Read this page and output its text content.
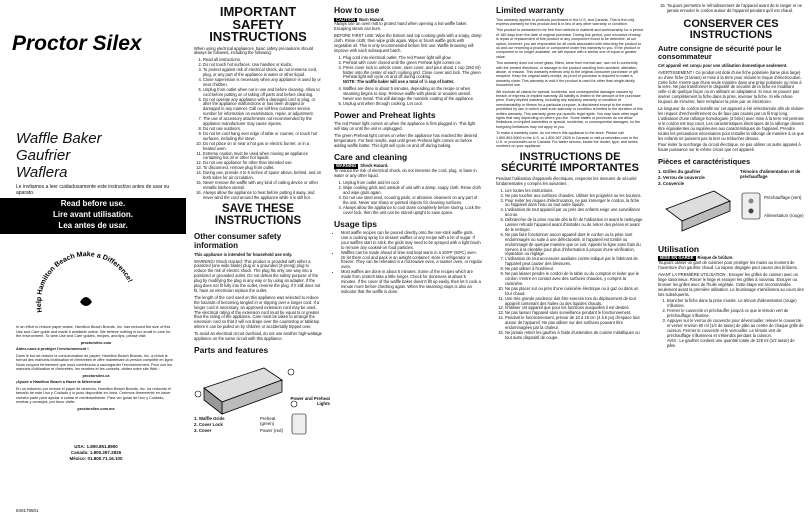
Proctor Silex
Waffle Baker
Gaufrier
Waflera
Le invitamos a leer cuidadosamente este instructivo antes de usar su aparato.
Read before use.
Lire avant utilisation.
Lea antes de usar.
Help Hamilton Beach Make a Difference!

In an effort to reduce paper waste, Hamilton Beach Brands, Inc. has reduced the size of this Use and Care guide and made it available online. We believe nothing is too small to care for the environment. To view Use and Care guides, recipes, and tips, please visit:

proctorsilex.com

Aidez-nous à protéger l'environnement !

Dans le but de réduire la consommation de papier, Hamilton Beach Brands, Inc. a réduit le format des manuels d'utilisation et d'entretien et offre maintenant la version complète en ligne. Nous croyons fermement que nous contribuons à sauvegarder l'environnement. Pour voir les manuels d'utilisation et d'entretien, les recettes et les conseils, visitez notre site Web :

proctorsilex.ca

¡Ayude a Hamilton Beach a Hacer la Diferencia!

En un esfuerzo por reducir el papel de desecho, Hamilton Beach Brands, Inc. ha reducido el tamaño de este Uso y Cuidado y lo puso disponible en línea. Creemos firmemente en hacer nuestra parte para ayudar a cuidar el medioambiente. Para ver guías de Uso y Cuidado, recetas y consejos, por favor visite:

proctorsilex.com.mx

USA: 1.800.851.8900
Canada: 1.800.267.2826
México: 01.800.71.16.100
840178501
IMPORTANT SAFETY INSTRUCTIONS

When using electrical appliances, basic safety precautions should always be followed, including the following:

1. Read all instructions.
2. Do not touch hot surfaces. Use handles or knobs.
3. To protect against risk of electrical shock, do not immerse cord, plug, or any part of the appliance in water or other liquid.
4. Close supervision is necessary when any appliance is used by or near children.
5. Unplug from outlet when not in use and before cleaning. Allow to cool before putting on or taking off parts and before cleaning.
6. Do not operate any appliance with a damaged cord or plug, or after the appliance malfunctions or has been dropped or damaged in any manner. Call our toll-free customer service number for information on examination, repair, or adjustment.
7. The use of accessory attachments not recommended by the appliance manufacturer may cause injuries.
8. Do not use outdoors.
9. Do not let cord hang over edge of table or counter, or touch hot surfaces, including the stove.
10. Do not place on or near a hot gas or electric burner, or in a heated oven.
11. Extreme caution must be used when moving an appliance containing hot oil or other hot liquids.
12. Do not use appliance for other than intended use.
13. To disconnect, remove plug from outlet.
14. During use, provide 4 to 6 inches of space above, behind, and on both sides for air circulation.
15. Never remove the waffle with any kind of cutting device or other metallic kitchen utensil.
16. Always allow the appliance to heat before putting it away, and never wind the cord around the appliance while it is still hot.
SAVE THESE INSTRUCTIONS
Other consumer safety information

This appliance is intended for household use only.

WARNING! Shock Hazard: This product is provided with either a polarized (one wide blade) plug or a grounded (3-prong) plug to reduce the risk of electric shock. The plug fits only one way into a polarized or grounded outlet. Do not defeat the safety purpose of the plug by modifying the plug in any way or by using an adapter. If the plug does not fit fully into the outlet, reverse the plug. If it still does not fit, have an electrician replace the outlet.

The length of the cord used on this appliance was selected to reduce the hazards of becoming tangled in or tripping over a longer cord. If a longer cord is necessary, an approved extension cord may be used. The electrical rating of the extension cord must be equal to or greater than the rating of the appliance. Care must be taken to arrange the extension cord so that it will not drape over the countertop or tabletop where it can be pulled on by children or accidentally tripped over.

To avoid an electrical circuit overload, do not use another high-wattage appliance on the same circuit with this appliance.

Parts and features
Power and Preheat Lights
1. Waffle Grids
2. Cover Lock
3. Cover
Preheat (green)
Power (red)
How to use

CAUTION Burn Hazard.

Always use an oven mitt to protect hand when opening a hot waffle baker. Escaping steam can burn.

BEFORE FIRST USE: Wipe the bottom and top cooking grids with a soapy, damp cloth. Rinse cloth; then wipe grids again. Wipe or brush waffle grids with vegetable oil. This is only recommended before first use. Waffle browning will improve with each subsequent batch.

1. Plug cord into electrical outlet. The red Power light will glow.
2. Preheat with cover closed until the green Preheat light comes on.
3. Press cover lock to unlock cover, raise cover, and pour about 1 cup (250 ml) batter onto the center of each cooking grid. Close cover and lock. The green Preheat light will cycle on and off during cooking.

NOTE: The waffle baker will use a total of ½ cup of batter.

4. Waffles are done in about 5 minutes, depending on the recipe or when steaming begins to stop. Remove waffle with plastic or wooden utensil. Never use metal. This will damage the nonstick coating of the appliance.
5. Unplug unit when through cooking. Let cool.
Power and Preheat lights

The red Power light comes on when the appliance is first plugged in. This light will stay on until the unit is unplugged.

The green Preheat light comes on when the appliance has reached the desired temperature. For best results, wait until green Preheat light comes on before adding waffle batter. This light will cycle on and off during baking.

Care and cleaning

WARNING Shock Hazard.

To reduce the risk of electrical shock, do not immerse the cord, plug, or base in water or any other liquid.

1. Unplug from outlet and let cool.
2. Wipe cooking grids and outside of unit with a damp, soapy cloth. Rinse cloth and wipe grids again.
3. Do not use steel wool, scouring pads, or abrasive cleansers on any part of the unit. Never use sharp or pointed objects for cleaning surfaces.
4. Always allow the appliance to cool down completely before storing. Lock the cover lock, then the unit can be stored upright to save space.
Usage tips
• Most waffle recipes can be poured directly onto the non-stick waffle grids. Use a cooking spray for dessert waffles or any recipe with a lot of sugar. If your waffles start to stick, the grids may need to be sprayed with a light brush to remove any cooked-on food particles.
• Waffles can be made ahead of time and kept warm in a 200ºF (93ºC) oven. Or let them cool and pack in an airtight container; store in refrigerator or freezer. They can be reheated in a microwave oven, a toaster oven, or regular oven.
• Most waffles are done in about 5 minutes. Some of the recipes which are made from scratch take a little longer. Check for doneness at about 5 minutes. If the cover of the waffle baker doesn't lift up easily, then let it cook a minute more before checking again. When the steaming stops is also an indicator that the waffle is done.
Limited warranty

This warranty applies to products purchased in the U.S. and Canada. This is the only express warranty for this product and is in lieu of any other warranty or condition.

This product is warranted to be free from defects in material and workmanship for a period of 180 days from the date of original purchase. During this period, your exclusive remedy is repair or replacement of this product or any component found to be defective, at our option; however, you are responsible for all costs associated with returning the product to us and our returning a product or component under this warranty to you. If the product or component is no longer available, we will replace with a similar one of equal or greater value.

This warranty does not cover glass, filters, wear from normal use, use not in conformity with the printed directions, or damage to the product resulting from accident, alteration, abuse, or misuse. This warranty extends only to the original consumer purchaser or gift recipient. Keep the original sales receipt, as proof of purchase is required to make a warranty claim. This warranty is void if the product is used for other than single-family household use.

We exclude all claims for special, incidental, and consequential damages caused by breach of express or implied warranty. All liability is limited to the amount of the purchase price. Every implied warranty, including any statutory warranty or condition of merchantability or fitness for a particular purpose, is disclaimed except to the extent prohibited by law, in which case such warranty or condition is limited to the duration of this written warranty. This warranty gives you specific legal rights. You may have other legal rights that vary depending on where you live. Some states or provinces do not allow limitations on implied warranties or special, incidental, or consequential damages, so the foregoing limitations may not apply to you.

To make a warranty claim, do not return this appliance to the store. Please call 1.800.851.8900 in the U.S. or 1.800.267.2826 in Canada or visit proctorsilex.com in the U.S. or proctorsilex.ca in Canada. For faster service, locate the model, type, and series numbers on your appliance.

INSTRUCTIONS DE SÉCURITÉ IMPORTANTES

Pendant l'utilisation d'appareils électriques, respecter les mesures de sécurité fondamentales y compris les suivantes :

1. Lire toutes les instructions.
2. Ne pas toucher aux surfaces chaudes. Utiliser les poignées ou les boutons.
3. Pour éviter les risques d'électrocution, ne pas immerger le cordon, la fiche ou l'appareil dans l'eau ou tout autre liquide.
4. L'utilisation de tout appareil par ou près des enfants exige une surveillance accrue.
5. Débrancher de la prise murale dès la fin de l'utilisation et avant le nettoyage. Laisser refroidir l'appareil avant d'installer ou de retirer des pièces et avant de le nettoyer.
6. Ne pas faire fonctionner aucun appareil dont le cordon ou la prise sont endommagés ou suite à une défectuosité, si l'appareil est tombé ou endommagé de quelque manière que ce soit. Appeler la ligne sans frais du Service à la clientèle pour plus d'information à propos d'une vérification, réparation ou réglage.
7. L'utilisation de tout accessoire auxiliaire contre-indiqué par le fabricant de l'appareil peut causer des blessures.
8. Ne pas utiliser à l'extérieur.
9. Ne pas laisser pendre le cordon de la table ou du comptoir et éviter que le cordon n'entre en contact avec des surfaces chaudes, y compris la cuisinière.
10. Ne pas placer sur ou près d'une cuisinière électrique ou à gaz ou dans un four chaud.
11. Une très grande prudence doit être exercée lors du déplacement de tout appareil contenant des huiles ou des liquides chauds.
12. N'utiliser cet appareil que pour les fonctions auxquelles il est destiné.
13. Ne pas laisser l'appareil sans surveillance pendant le fonctionnement.
14. Pendant le fonctionnement, prévoir de 10 à 15 cm (4 à 6 po) d'espace tout autour de l'appareil. Ne pas utiliser sur des surfaces pouvant être endommagées par la chaleur.
15. Ne jamais retirer les gaufres à l'aide d'ustensiles de cuisine métalliques ou tout autre dispositif de coupe.
16. Toujours permettre le refroidissement de l'appareil avant de le ranger et ne jamais enrouler le cordon autour de l'appareil pendant qu'il est chaud.
CONSERVER CES INSTRUCTIONS
Autre consigne de sécurité pour le consommateur

Cet appareil est conçu pour une utilisation domestique seulement.

AVERTISSEMENT ! Ce produit est doté d'une fiche polarisée (lame plus large) ou d'une fiche (3 lames) et mise à la terre pour réduire le risque d'électrocution. Cette fiche n'entre que d'une seule manière dans une prise polarisée ou mise à la terre. Ne pas transformer le dispositif de sécurité de la fiche en modifiant celle-ci de quelque façon ou en utilisant un adaptateur. Si vous ne pouvez pas insérer complètement la fiche dans la prise, inverser la fiche. Si elle refuse toujours de s'insérer, faire remplacer la prise par un électricien.

La longueur du cordon installé sur cet appareil a été sélectionnée afin de réduire les risques d'enchevêtrement ou de faux pas causés par un fil trop long. L'utilisation d'une rallonge homologuée (3 brins) avec mise à la terre est permise si le cordon est trop court. Les caractéristiques électriques de la rallonge doivent être équivalentes ou supérieures aux caractéristiques de l'appareil. Prendre toutes les précautions nécessaires pour installer la rallonge de manière à ce que les enfants ne puissent pas la tirer ou trébucher dessus.

Pour éviter la surcharge du circuit électrique, ne pas utiliser un autre appareil à haute puissance sur le même circuit que cet appareil.

Pièces et caractéristiques
1. Grilles du gaufrier
2. Verrou de couvercle
3. Couvercle
Témoins d'alimentation et de préchauffage
Préchauffage (vert)
Alimentation (rouge)
Utilisation

MISE EN GARDE Risque de brûlure.

Toujours utiliser un gant de cuisinier pour protéger les mains au moment de l'ouverture d'un gaufrier chaud. La vapeur dégagée peut causer des brûlures.

AVANT LA PREMIÈRE UTILISATION : Essuyer les grilles de cuisson avec un linge savonneux. Rincer le linge et essuyer les grilles à nouveau. Essuyer ou brosser les grilles avec de l'huile végétale. Cette étape est recommandée seulement avant la première utilisation. Le brunissage s'améliorera au cours des lots subséquents.

1. Brancher la fiche dans la prise murale. Le témoin d'alimentation (rouge) s'illumine.
2. Fermer le couvercle et préchauffer jusqu'à ce que le témoin vert de préchauffage s'illumine.
3. Appuyer sur le verrou de couvercle pour déverrouiller, relever le couvercle et verser environ 60 ml (1/4 de tasse) de pâte au centre de chaque grille de cuisson. Fermer le couvercle et le verrouiller. Le témoin vert de préchauffage s'illuminera et s'éteindra pendant la cuisson.

AVIS : Le gaufrier contient une quantité totale de 125 ml (1/2 tasse) de pâte.
